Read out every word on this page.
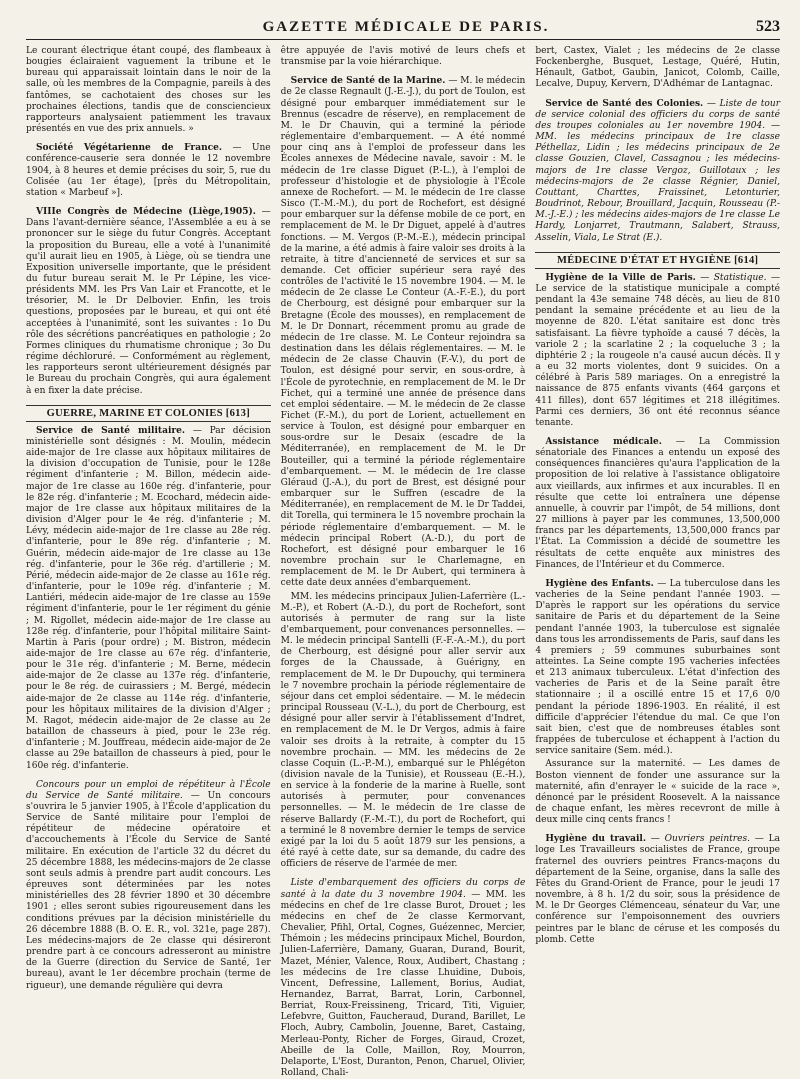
GAZETTE MÉDICALE DE PARIS.	523

Le courant électrique étant coupé, des flambeaux à bougies éclairaient vaguement la tribune et le bureau qui apparaissait lointain dans le noir de la salle, où les membres de la Compagnie, pareils à des fantômes, se cachotaient des choses sur les prochaines élections, tandis que de consciencieux rapporteurs analysaient patiemment les travaux présentés en vue des prix annuels. »

Société Végétarienne de France. — Une conférence-causerie sera donnée le 12 novembre 1904, à 8 heures et demie précises du soir, 5, rue du Colisée (au 1er étage), [près du Métropolitain, station « Marbeuf »].

VIIIe Congrès de Médecine (Liège,1905). — Dans l'avant-dernière séance, l'Assemblée a eu à se prononcer sur le siège du futur Congrès. Acceptant la proposition du Bureau, elle a voté à l'unanimité qu'il aurait lieu en 1905, à Liège, où se tiendra une Exposition universelle importante, que le président du futur bureau serait M. le Pr Lépine, les vice-présidents MM. les Prs Van Lair et Francotte, et le trésorier, M. le Dr Delbovier. Enfin, les trois questions, proposées par le bureau, et qui ont été acceptées à l'unanimité, sont les suivantes : 1o Du rôle des sécrétions pancréatiques en pathologie ; 2o Formes cliniques du rhumatisme chronique ; 3o Du régime déchloruré. — Conformément au règlement, les rapporteurs seront ultérieurement désignés par le Bureau du prochain Congrès, qui aura également à en fixer la date précise.

GUERRE, MARINE ET COLONIES [613]

Service de Santé militaire. — Par décision ministérielle sont désignés : M. Moulin, médecin aide-major de 1re classe aux hôpitaux militaires de la division d'occupation de Tunisie, pour le 128e régiment d'infanterie ; M. Billon, médecin aide-major de 1re classe au 160e rég. d'infanterie, pour le 82e rég. d'infanterie ; M. Ecochard, médecin aide-major de 1re classe aux hôpitaux militaires de la division d'Alger pour le 4e rég. d'infanterie ; M. Lévy, médecin aide-major de 1re classe au 28e rég. d'infanterie, pour le 89e rég. d'infanterie ; M. Guérin, médecin aide-major de 1re classe au 13e rég. d'infanterie, pour le 36e rég. d'artillerie ; M. Périé, médecin aide-major de 2e classe au 161e rég. d'infanterie, pour le 109e rég. d'infanterie ; M. Lantiéri, médecin aide-major de 1re classe au 159e régiment d'infanterie, pour le 1er régiment du génie ; M. Rigollet, médecin aide-major de 1re classe au 128e rég. d'infanterie, pour l'hôpital militaire Saint-Martin à Paris (pour ordre) ; M. Bistron, médecin aide-major de 1re classe au 67e rég. d'infanterie, pour le 31e rég. d'infanterie ; M. Berne, médecin aide-major de 2e classe au 137e rég. d'infanterie, pour le 8e rég. de cuirassiers ; M. Bergé, médecin aide-major de 2e classe au 114e rég. d'infanterie, pour les hôpitaux militaires de la division d'Alger ; M. Ragot, médecin aide-major de 2e classe au 2e bataillon de chasseurs à pied, pour le 23e rég. d'infanterie ; M. Jouffreau, médecin aide-major de 2e classe au 29e bataillon de chasseurs à pied, pour le 160e rég. d'infanterie.

Concours pour un emploi de répétiteur à l'École du Service de Santé militaire. — Un concours s'ouvrira le 5 janvier 1905, à l'École d'application du Service de Santé militaire pour l'emploi de répétiteur de médecine opératoire et d'accouchements à l'École du Service de Santé militaire. En exécution de l'article 32 du décret du 25 décembre 1888, les médecins-majors de 2e classe sont seuls admis à prendre part audit concours. Les épreuves sont déterminées par les notes ministérielles des 28 février 1890 et 30 décembre 1901 ; elles seront subies rigoureusement dans les conditions prévues par la décision ministérielle du 26 décembre 1888 (B. O. E. R., vol. 321e, page 287). Les médecins-majors de 2e classe qui désireront prendre part à ce concours adresseront au ministre de la Guerre (direction du Service de Santé, 1er bureau), avant le 1er décembre prochain (terme de rigueur), une demande régulière qui devra

être appuyée de l'avis motivé de leurs chefs et transmise par la voie hiérarchique.

Service de Santé de la Marine. — M. le médecin de 2e classe Regnault (J.-E.-J.), du port de Toulon, est désigné pour embarquer immédiatement sur le Brennus (escadre de réserve), en remplacement de M. le Dr Chauvin, qui a terminé la période réglementaire d'embarquement. — A été nommé pour cinq ans à l'emploi de professeur dans les Écoles annexes de Médecine navale, savoir : M. le médecin de 1re classe Diguet (P.-L.), à l'emploi de professeur d'histologie et de physiologie à l'École annexe de Rochefort. — M. le médecin de 1re classe Sisco (T.-M.-M.), du port de Rochefort, est désigné pour embarquer sur la défense mobile de ce port, en remplacement de M. le Dr Diguet, appelé à d'autres fonctions. — M. Vergos (P.-M.-E.), médecin principal de la marine, a été admis à faire valoir ses droits à la retraite, à titre d'ancienneté de services et sur sa demande. Cet officier supérieur sera rayé des contrôles de l'activité le 15 novembre 1904. — M. le médecin de 2e classe Le Conteur (A.-F.-E.), du port de Cherbourg, est désigné pour embarquer sur la Bretagne (École des mousses), en remplacement de M. le Dr Donnart, récemment promu au grade de médecin de 1re classe. M. Le Conteur rejoindra sa destination dans les délais réglementaires. — M. le médecin de 2e classe Chauvin (F.-V.), du port de Toulon, est désigné pour servir, en sous-ordre, à l'École de pyrotechnie, en remplacement de M. le Dr Fichet, qui a terminé une année de présence dans cet emploi sédentaire. — M. le médecin de 2e classe Fichet (F.-M.), du port de Lorient, actuellement en service à Toulon, est désigné pour embarquer en sous-ordre sur le Desaix (escadre de la Méditerranée), en remplacement de M. le Dr Bouteiller, qui a terminé la période réglementaire d'embarquement. — M. le médecin de 1re classe Gléraud (J.-A.), du port de Brest, est désigné pour embarquer sur le Suffren (escadre de la Méditerranée), en remplacement de M. le Dr Taddei, dit Torella, qui terminera le 15 novembre prochain la période réglementaire d'embarquement. — M. le médecin principal Robert (A.-D.), du port de Rochefort, est désigné pour embarquer le 16 novembre prochain sur le Charlemagne, en remplacement de M. le Dr Aubert, qui terminera à cette date deux années d'embarquement.

MM. les médecins principaux Julien-Laferrière (L.-M.-P.), et Robert (A.-D.), du port de Rochefort, sont autorisés à permuter de rang sur la liste d'embarquement, pour convenances personnelles. — M. le médecin principal Santelli (F.-F.-A.-M.), du port de Cherbourg, est désigné pour aller servir aux forges de la Chaussade, à Guérigny, en remplacement de M. le Dr Dupouchy, qui terminera le 7 novembre prochain la période réglementaire de séjour dans cet emploi sédentaire. — M. le médecin principal Rousseau (V.-L.), du port de Cherbourg, est désigné pour aller servir à l'établissement d'Indret, en remplacement de M. le Dr Vergos, admis à faire valoir ses droits à la retraite, à compter du 15 novembre prochain. — MM. les médecins de 2e classe Coquin (L.-P.-M.), embarqué sur le Phlégéton (division navale de la Tunisie), et Rousseau (E.-H.), en service à la fonderie de la marine à Ruelle, sont autorisés à permuter, pour convenances personnelles. — M. le médecin de 1re classe de réserve Ballardy (F.-M.-T.), du port de Rochefort, qui a terminé le 8 novembre dernier le temps de service exigé par la loi du 5 août 1879 sur les pensions, a été rayé à cette date, sur sa demande, du cadre des officiers de réserve de l'armée de mer.

Liste d'embarquement des officiers du corps de santé à la date du 3 novembre 1904. — MM. les médecins en chef de 1re classe Burot, Drouet ; les médecins en chef de 2e classe Kermorvant, Chevalier, Pfihl, Ortal, Cognes, Guézennec, Mercier, Thémoin ; les médecins principaux Michel, Bourdon, Julien-Laferrière, Damany, Guaran, Durand, Bourit, Mazet, Ménier, Valence, Roux, Audibert, Chastang ; les médecins de 1re classe Lhuidine, Dubois, Vincent, Defressine, Lallement, Borius, Audiat, Hernandez, Barrat, Barrat, Lorin, Carbonnel, Berriat, Roux-Freissineng, Tricard, Titi, Viguier, Lefebvre, Guitton, Faucheraud, Durand, Barillet, Le Floch, Aubry, Cambolin, Jouenne, Baret, Castaing, Merleau-Ponty, Richer de Forges, Giraud, Crozet, Abeille de la Colle, Maillon, Roy, Mourron, Delaporte, L'Eost, Duranton, Penon, Charuel, Olivier, Rolland, Chali-

bert, Castex, Vialet ; les médecins de 2e classe Fockenberghe, Busquet, Lestage, Quéré, Hutin, Hénault, Gatbot, Gaubin, Janicot, Colomb, Caille, Lecalve, Dupuy, Kervern, D'Adhémar de Lantagnac.

Service de Santé des Colonies. — Liste de tour de service colonial des officiers du corps de santé des troupes coloniales au 1er novembre 1904. — MM. les médecins principaux de 1re classe Péthellaz, Lidin ; les médecins principaux de 2e classe Gouzien, Clavel, Cassagnou ; les médecins-majors de 1re classe Vergoz, Guillotaux ; les médecins-majors de 2e classe Régnier, Daniel, Couttant, Charttes, Fraissinet, Letonturier, Boudrinot, Rebour, Brouillard, Jacquin, Rousseau (P.-M.-J.-E.) ; les médecins aides-majors de 1re classe Le Hardy, Lonjarret, Trautmann, Salabert, Strauss, Asselin, Viala, Le Strat (E.).

MÉDECINE D'ÉTAT ET HYGIÈNE [614]

Hygiène de la Ville de Paris. — Statistique. — Le service de la statistique municipale a compté pendant la 43e semaine 748 décès, au lieu de 810 pendant la semaine précédente et au lieu de la moyenne de 820. L'état sanitaire est donc très satisfaisant. La fièvre typhoïde a causé 7 décès, la variole 2 ; la scarlatine 2 ; la coqueluche 3 ; la diphtérie 2 ; la rougeole n'a causé aucun décès. Il y a eu 32 morts violentes, dont 9 suicides. On a célébré à Paris 589 mariages. On a enregistré la naissance de 875 enfants vivants (464 garçons et 411 filles), dont 657 légitimes et 218 illégitimes. Parmi ces derniers, 36 ont été reconnus séance tenante.

Assistance médicale. — La Commission sénatoriale des Finances a entendu un exposé des conséquences financières qu'aura l'application de la proposition de loi relative à l'assistance obligatoire aux vieillards, aux infirmes et aux incurables. Il en résulte que cette loi entraînera une dépense annuelle, à couvrir par l'impôt, de 54 millions, dont 27 millions à payer par les communes, 13,500,000 francs par les départements, 13,500,000 francs par l'État. La Commission a décidé de soumettre les résultats de cette enquête aux ministres des Finances, de l'Intérieur et du Commerce.

Hygiène des Enfants. — La tuberculose dans les vacheries de la Seine pendant l'année 1903. — D'après le rapport sur les opérations du service sanitaire de Paris et du département de la Seine pendant l'année 1903, la tuberculose est signalée dans tous les arrondissements de Paris, sauf dans les 4 premiers ; 59 communes suburbaines sont atteintes. La Seine compte 195 vacheries infectées et 213 animaux tuberculeux. L'état d'infection des vacheries de Paris et de la Seine paraît être stationnaire ; il a oscillé entre 15 et 17,6 0/0 pendant la période 1896-1903. En réalité, il est difficile d'apprécier l'étendue du mal. Ce que l'on sait bien, c'est que de nombreuses étables sont frappées de tuberculose et échappent à l'action du service sanitaire (Sem. méd.).

Assurance sur la maternité. — Les dames de Boston viennent de fonder une assurance sur la maternité, afin d'enrayer le « suicide de la race », dénoncé par le président Roosevelt. A la naissance de chaque enfant, les mères recevront de mille à deux mille cinq cents francs !

Hygiène du travail. — Ouvriers peintres. — La loge Les Travailleurs socialistes de France, groupe fraternel des ouvriers peintres Francs-maçons du département de la Seine, organise, dans la salle des Fêtes du Grand-Orient de France, pour le jeudi 17 novembre, à 8 h. 1/2 du soir, sous la présidence de M. le Dr Georges Clémenceau, sénateur du Var, une conférence sur l'empoisonnement des ouvriers peintres par le blanc de céruse et les composés du plomb. Cette
